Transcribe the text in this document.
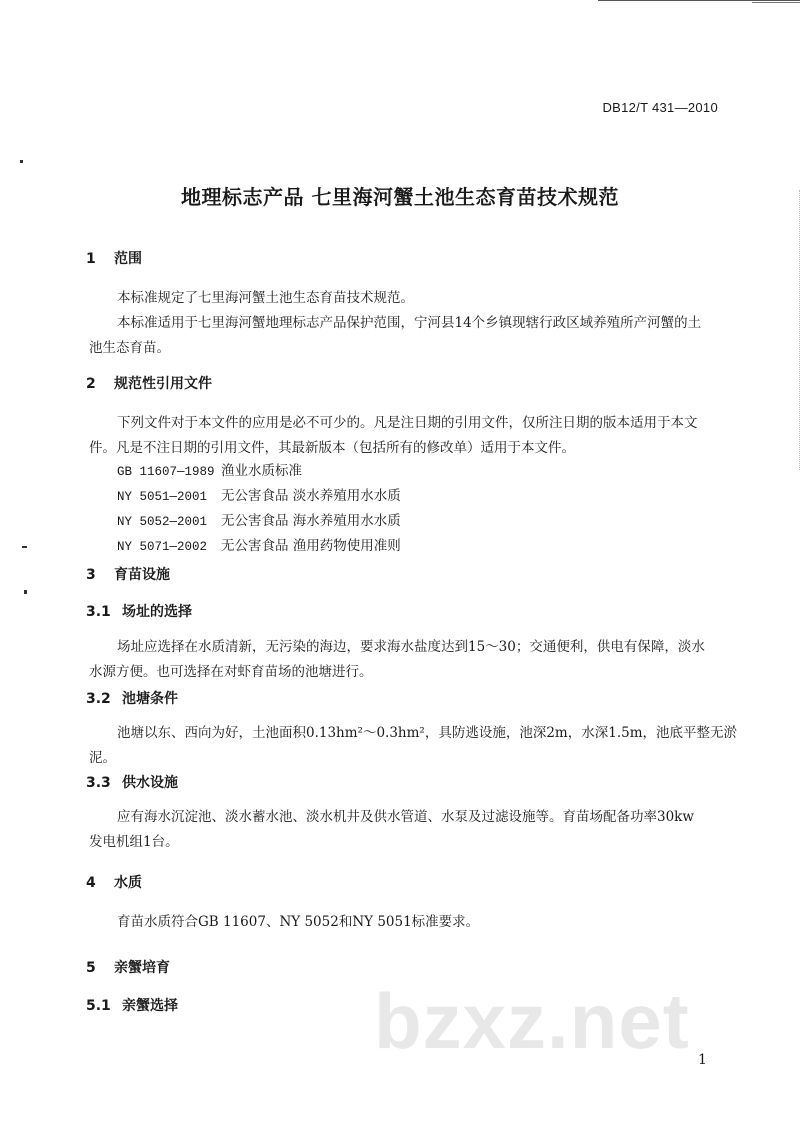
DB12/T 431—2010
地理标志产品 七里海河蟹土池生态育苗技术规范
1 范围
本标准规定了七里海河蟹土池生态育苗技术规范。
本标准适用于七里海河蟹地理标志产品保护范围，宁河县14个乡镇现辖行政区域养殖所产河蟹的土
池生态育苗。
2 规范性引用文件
下列文件对于本文件的应用是必不可少的。凡是注日期的引用文件，仅所注日期的版本适用于本文
件。凡是不注日期的引用文件，其最新版本（包括所有的修改单）适用于本文件。
GB 11607—1989 渔业水质标准
NY 5051—2001 无公害食品 淡水养殖用水水质
NY 5052—2001 无公害食品 海水养殖用水水质
NY 5071—2002 无公害食品 渔用药物使用准则
3 育苗设施
3.1 场址的选择
场址应选择在水质清新，无污染的海边，要求海水盐度达到15～30；交通便利，供电有保障，淡水
水源方便。也可选择在对虾育苗场的池塘进行。
3.2 池塘条件
池塘以东、西向为好，土池面积0.13hm²～0.3hm²，具防逃设施，池深2m，水深1.5m，池底平整无淤
泥。
3.3 供水设施
应有海水沉淀池、淡水蓄水池、淡水机井及供水管道、水泵及过滤设施等。育苗场配备功率30kw
发电机组1台。
4 水质
育苗水质符合GB 11607、NY 5052和NY 5051标准要求。
5 亲蟹培育
5.1 亲蟹选择	bzxz.net 1
